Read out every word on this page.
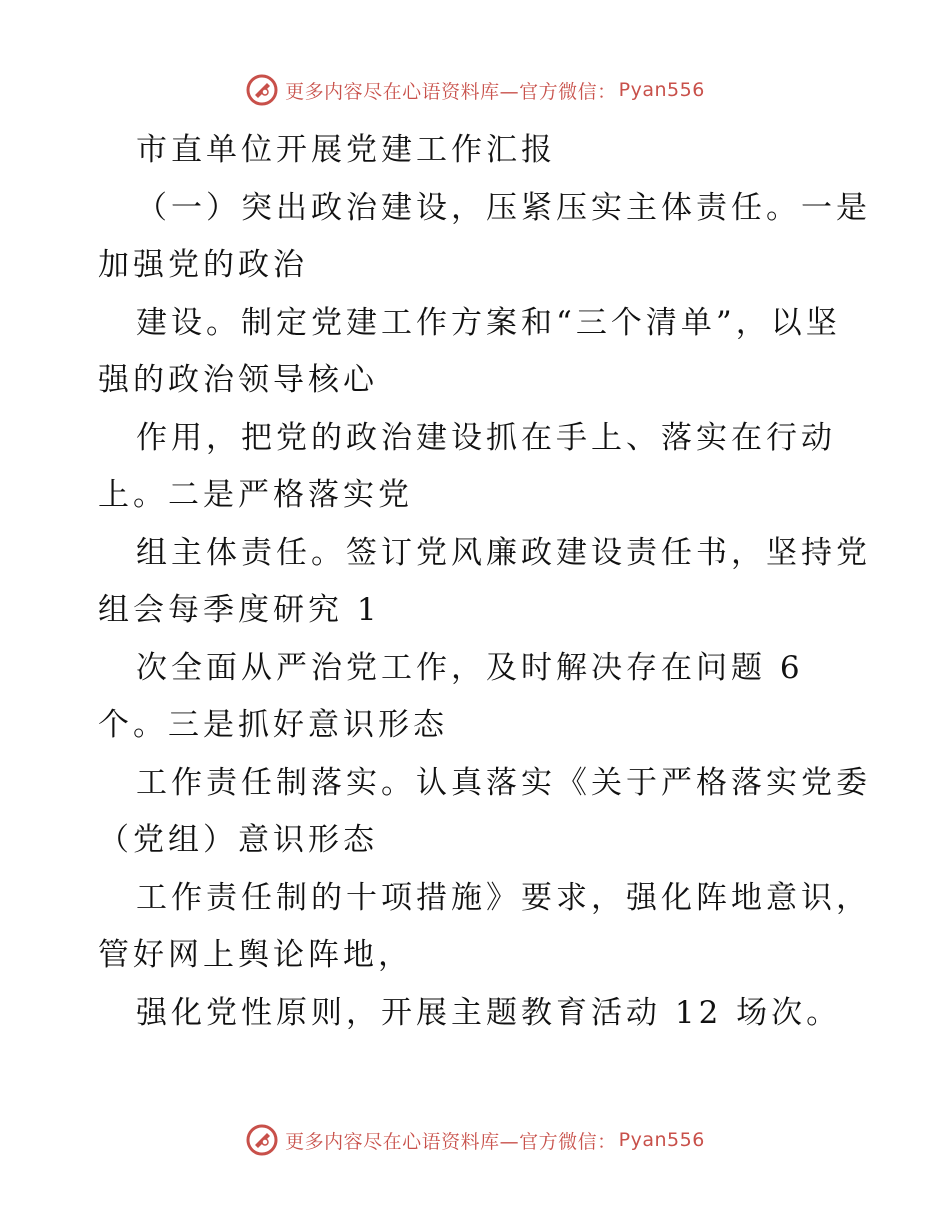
更多内容尽在心语资料库—官方微信： Pyan556
市直单位开展党建工作汇报
（一）突出政治建设，压紧压实主体责任。一是
加强党的政治
建设。制定党建工作方案和“三个清单”，以坚
强的政治领导核心
作用，把党的政治建设抓在手上、落实在行动
上。二是严格落实党
组主体责任。签订党风廉政建设责任书，坚持党
组会每季度研究 1
次全面从严治党工作，及时解决存在问题 6
个。三是抓好意识形态
工作责任制落实。认真落实《关于严格落实党委
（党组）意识形态
工作责任制的十项措施》要求，强化阵地意识，
管好网上舆论阵地，
强化党性原则，开展主题教育活动 12 场次。
更多内容尽在心语资料库—官方微信： Pyan556
